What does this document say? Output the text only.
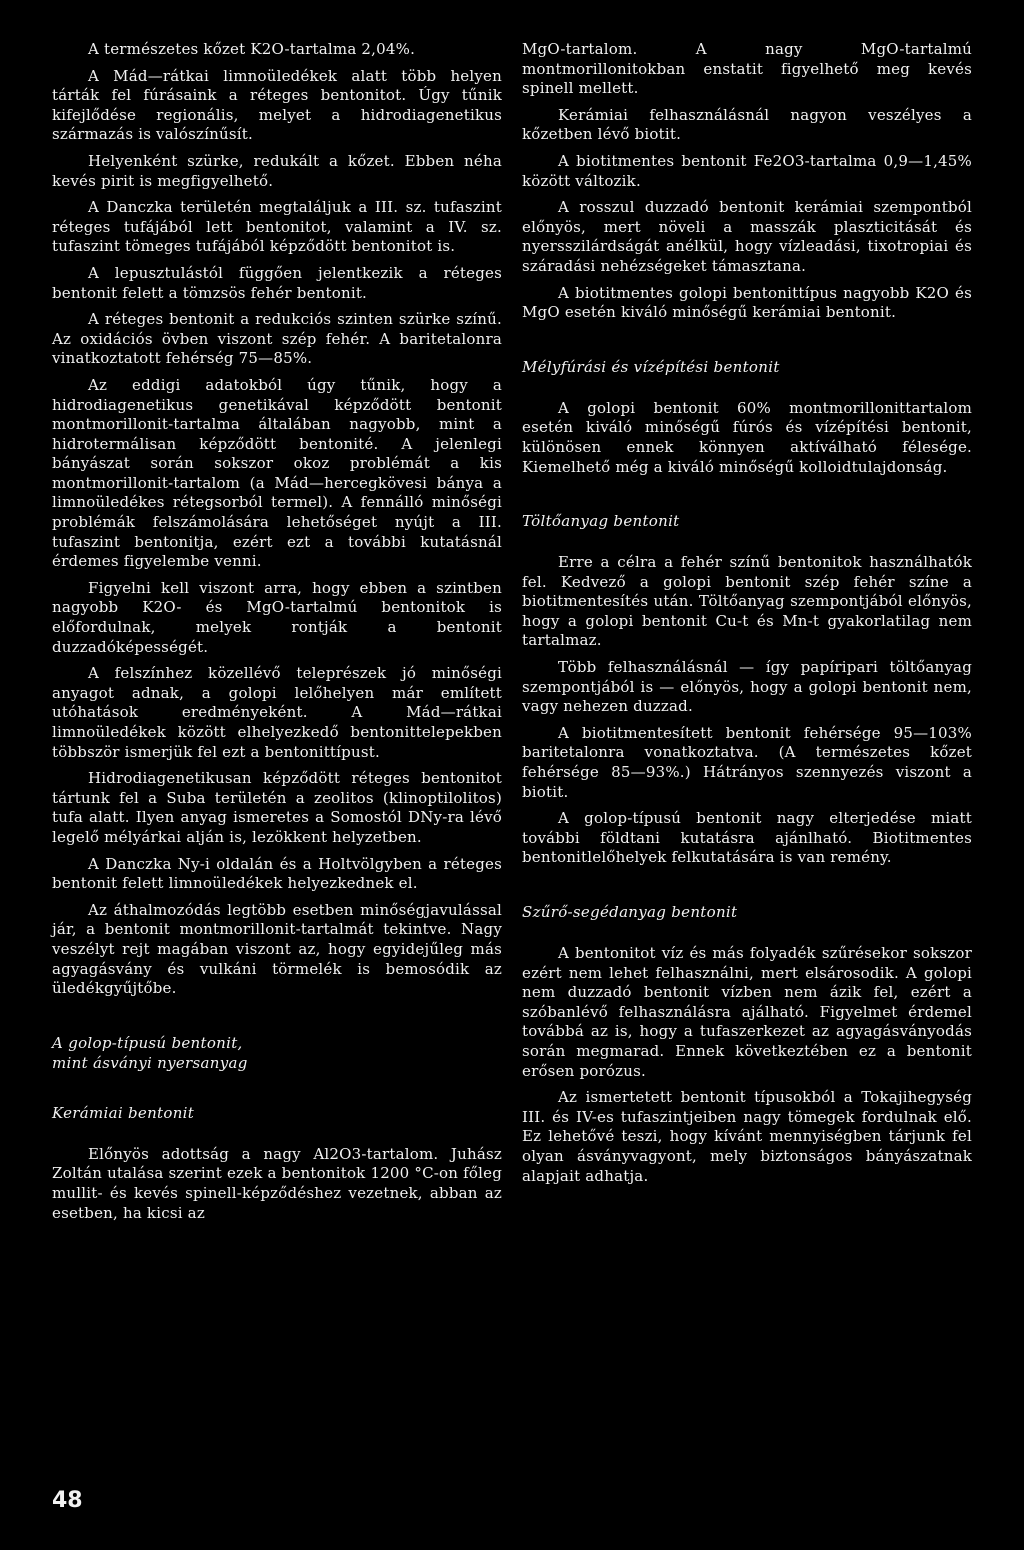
A természetes kőzet K2O-tartalma 2,04%.

A Mád—rátkai limnoüledékek alatt több helyen tárták fel fúrásaink a réteges bentonitot. Úgy tűnik kifejlődése regionális, melyet a hidrodiagenetikus származás is valószínűsít.

Helyenként szürke, redukált a kőzet. Ebben néha kevés pirit is megfigyelhető.

A Danczka területén megtaláljuk a III. sz. tufaszint réteges tufájából lett bentonitot, valamint a IV. sz. tufaszint tömeges tufájából képződött bentonitot is.

A lepusztulástól függően jelentkezik a réteges bentonit felett a tömzsös fehér bentonit.

A réteges bentonit a redukciós szinten szürke színű. Az oxidációs övben viszont szép fehér. A baritetalonra vinatkoztatott fehérség 75—85%.

Az eddigi adatokból úgy tűnik, hogy a hidrodiagenetikus genetikával képződött bentonit montmorillonit-tartalma általában nagyobb, mint a hidrotermálisan képződött bentonité. A jelenlegi bányászat során sokszor okoz problémát a kis montmorillonit-tartalom (a Mád—hercegkövesi bánya a limnoüledékes rétegsorból termel). A fennálló minőségi problémák felszámolására lehetőséget nyújt a III. tufaszint bentonitja, ezért ezt a további kutatásnál érdemes figyelembe venni.

Figyelni kell viszont arra, hogy ebben a szintben nagyobb K2O- és MgO-tartalmú bentonitok is előfordulnak, melyek rontják a bentonit duzzadóképességét.

A felszínhez közellévő teleprészek jó minőségi anyagot adnak, a golopi lelőhelyen már említett utóhatások eredményeként. A Mád—rátkai limnoüledékek között elhelyezkedő bentonittelepekben többször ismerjük fel ezt a bentonittípust.

Hidrodiagenetikusan képződött réteges bentonitot tártunk fel a Suba területén a zeolitos (klinoptilolitos) tufa alatt. Ilyen anyag ismeretes a Somostól DNy-ra lévő legelő mélyárkai alján is, lezökkent helyzetben.

A Danczka Ny-i oldalán és a Holtvölgyben a réteges bentonit felett limnoüledékek helyezkednek el.

Az áthalmozódás legtöbb esetben minőségjavulással jár, a bentonit montmorillonit-tartalmát tekintve. Nagy veszélyt rejt magában viszont az, hogy egyidejűleg más agyagásvány és vulkáni törmelék is bemosódik az üledékgyűjtőbe.

A golop-típusú bentonit,
mint ásványi nyersanyag
Kerámiai bentonit

Előnyös adottság a nagy Al2O3-tartalom. Juhász Zoltán utalása szerint ezek a bentonitok 1200 °C-on főleg mullit- és kevés spinell-képződéshez vezetnek, abban az esetben, ha kicsi az

MgO-tartalom. A nagy MgO-tartalmú montmorillonitokban enstatit figyelhető meg kevés spinell mellett.

Kerámiai felhasználásnál nagyon veszélyes a kőzetben lévő biotit.

A biotitmentes bentonit Fe2O3-tartalma 0,9—1,45% között változik.

A rosszul duzzadó bentonit kerámiai szempontból előnyös, mert növeli a masszák plaszticitását és nyersszilárdságát anélkül, hogy vízleadási, tixotropiai és száradási nehézségeket támasztana.

A biotitmentes golopi bentonittípus nagyobb K2O és MgO esetén kiváló minőségű kerámiai bentonit.

Mélyfúrási és vízépítési bentonit

A golopi bentonit 60% montmorillonittartalom esetén kiváló minőségű fúrós és vízépítési bentonit, különösen ennek könnyen aktíválható félesége. Kiemelhető még a kiváló minőségű kolloidtulajdonság.

Töltőanyag bentonit

Erre a célra a fehér színű bentonitok használhatók fel. Kedvező a golopi bentonit szép fehér színe a biotitmentesítés után. Töltőanyag szempontjából előnyös, hogy a golopi bentonit Cu-t és Mn-t gyakorlatilag nem tartalmaz.

Több felhasználásnál — így papíripari töltőanyag szempontjából is — előnyös, hogy a golopi bentonit nem, vagy nehezen duzzad.

A biotitmentesített bentonit fehérsége 95—103% baritetalonra vonatkoztatva. (A természetes kőzet fehérsége 85—93%.) Hátrányos szennyezés viszont a biotit.

A golop-típusú bentonit nagy elterjedése miatt további földtani kutatásra ajánlható. Biotitmentes bentonitlelőhelyek felkutatására is van remény.

Szűrő-segédanyag bentonit

A bentonitot víz és más folyadék szűrésekor sokszor ezért nem lehet felhasználni, mert elsárosodik. A golopi nem duzzadó bentonit vízben nem ázik fel, ezért a szóbanlévő felhasználásra ajálható. Figyelmet érdemel továbbá az is, hogy a tufaszerkezet az agyagásványodás során megmarad. Ennek következtében ez a bentonit erősen porózus.

Az ismertetett bentonit típusokból a Tokajihegység III. és IV-es tufaszintjeiben nagy tömegek fordulnak elő. Ez lehetővé teszi, hogy kívánt mennyiségben tárjunk fel olyan ásványvagyont, mely biztonságos bányászatnak alapjait adhatja.

48
